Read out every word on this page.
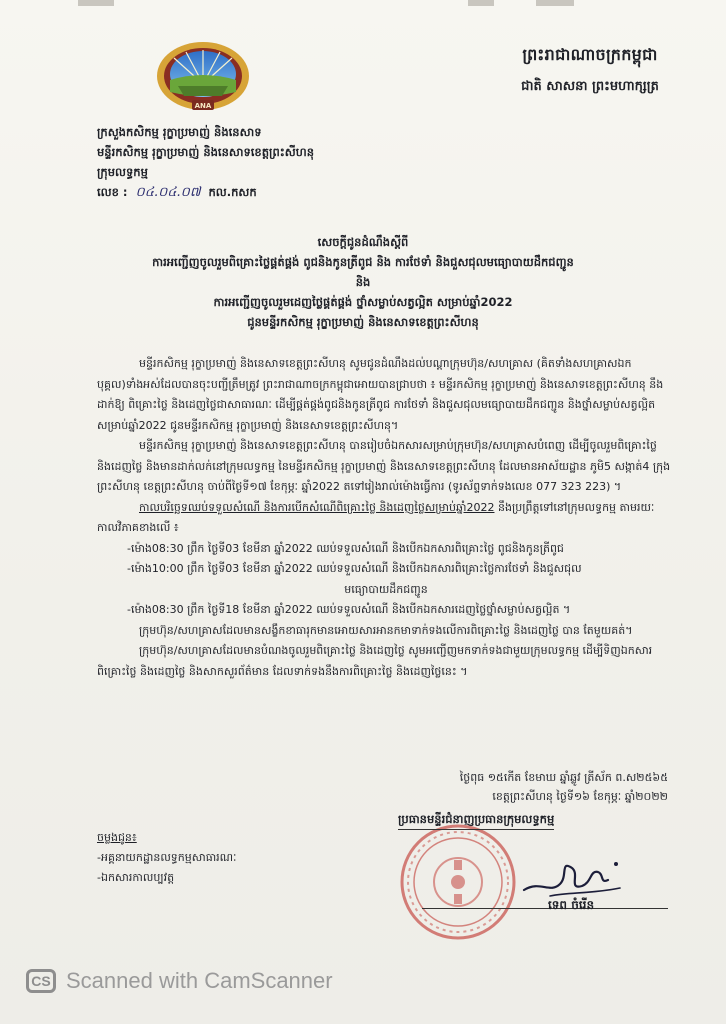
ANA
ព្រះរាជាណាចក្រកម្ពុជា
ជាតិ សាសនា ព្រះមហាក្សត្រ
ក្រសួងកសិកម្ម រុក្ខាប្រមាញ់ និងនេសាទ
មន្ទីរកសិកម្ម រុក្ខាប្រមាញ់ និងនេសាទខេត្តព្រះសីហនុ
ក្រុមលទ្ធកម្ម
លេខ : ០៤.០៤.០៧ កល.កសក
សេចក្តីជូនដំណឹងស្តីពី
ការអញ្ជើញចូលរួមពិគ្រោះថ្លៃផ្គត់ផ្គង់ ពូជនិងកូនត្រីពូជ និង ការថែទាំ និងជួសជុលមធ្យោបាយដឹកជញ្ជូន
និង
ការអញ្ជើញចូលរួមដេញថ្លៃផ្គត់ផ្គង់ ថ្នាំសម្លាប់សត្វល្អិត សម្រាប់ឆ្នាំ2022
ជូនមន្ទីរកសិកម្ម រុក្ខាប្រមាញ់ និងនេសាទខេត្តព្រះសីហនុ

មន្ទីរកសិកម្ម រុក្ខាប្រមាញ់ និងនេសាទខេត្តព្រះសីហនុ សូមជូនដំណឹងដល់បណ្តាក្រុមហ៊ុន/សហគ្រាស (គិតទាំងសហគ្រាសឯកបុគ្គល)ទាំងអស់ដែលបានចុះបញ្ជីត្រឹមត្រូវ ព្រះរាជាណាចក្រកម្ពុជាអោយបានជ្រាបថា ៖ មន្ទីរកសិកម្ម រុក្ខាប្រមាញ់ និងនេសាទខេត្តព្រះសីហនុ នឹងដាក់ឱ្យ ពិគ្រោះថ្លៃ និងដេញថ្លៃជាសាធារណៈ ដើម្បីផ្គត់ផ្គង់ពូជនិងកូនត្រីពូជ ការថែទាំ និងជួសជុលមធ្យោបាយដឹកជញ្ជូន និងថ្នាំសម្លាប់សត្វល្អិត សម្រាប់ឆ្នាំ2022 ជូនមន្ទីរកសិកម្ម រុក្ខាប្រមាញ់ និងនេសាទខេត្តព្រះសីហនុ។

មន្ទីរកសិកម្ម រុក្ខាប្រមាញ់ និងនេសាទខេត្តព្រះសីហនុ បានរៀបចំឯកសារសម្រាប់ក្រុមហ៊ុន/សហគ្រាសបំពេញ ដើម្បីចូលរួមពិគ្រោះថ្លៃ និងដេញថ្លៃ និងមានដាក់លក់នៅក្រុមលទ្ធកម្ម នៃមន្ទីរកសិកម្ម រុក្ខាប្រមាញ់ និងនេសាទខេត្តព្រះសីហនុ ដែលមានអាស័យដ្ឋាន ភូមិ5 សង្កាត់4 ក្រុងព្រះសីហនុ ខេត្តព្រះសីហនុ ចាប់ពីថ្ងៃទី១៧ ខែកុម្ភៈ ឆ្នាំ2022 តទៅរៀងរាល់ម៉ោងធ្វើការ (ទូរស័ព្ទទាក់ទងលេខ 077 323 223) ។

កាលបរិច្ឆេទឈប់ទទួលសំណើ និងការបើកសំណើពិគ្រោះថ្លៃ និងដេញថ្លៃសម្រាប់ឆ្នាំ2022 នឹងប្រព្រឹត្តទៅនៅក្រុមលទ្ធកម្ម តាមរយៈកាលវិភាគខាងលើ ៖

-ម៉ោង08:30 ព្រឹក ថ្ងៃទី03 ខែមីនា ឆ្នាំ2022 ឈប់ទទួលសំណើ និងបើកឯកសារពិគ្រោះថ្លៃ ពូជនិងកូនត្រីពូជ

-ម៉ោង10:00 ព្រឹក ថ្ងៃទី03 ខែមីនា ឆ្នាំ2022 ឈប់ទទួលសំណើ និងបើកឯកសារពិគ្រោះថ្លៃការថែទាំ និងជួសជុល

មធ្យោបាយដឹកជញ្ជូន

-ម៉ោង08:30 ព្រឹក ថ្ងៃទី18 ខែមីនា ឆ្នាំ2022 ឈប់ទទួលសំណើ និងបើកឯកសារដេញថ្លៃថ្នាំសម្លាប់សត្វល្អិត ។

ក្រុមហ៊ុន/សហគ្រាសដែលមានសង្ខឹកខាធារុកមានអោយសារអានកមាទាក់ទងលើការពិគ្រោះថ្លៃ និងដេញថ្លៃ បាន តែមួយគត់។

ក្រុមហ៊ុន/សហគ្រាសដែលមានបំណងចូលរួមពិគ្រោះថ្លៃ និងដេញថ្លៃ សូមអញ្ជើញមកទាក់ទងជាមួយក្រុមលទ្ធកម្ម ដើម្បីទិញឯកសារពិគ្រោះថ្លៃ និងដេញថ្លៃ និងសាកសួរព័ត៌មាន ដែលទាក់ទងនឹងការពិគ្រោះថ្លៃ និងដេញថ្លៃនេះ ។

ថ្ងៃពុធ ១៥កើត ខែមាឃ ឆ្នាំឆ្លូវ ត្រីស័ក ព.ស២៥៦៥
ខេត្តព្រះសីហនុ ថ្ងៃទី១៦ ខែកុម្ភៈ ឆ្នាំ២០២២
ចម្លងជូន៖
-អគ្គនាយកដ្ឋានលទ្ធកម្មសាធារណៈ
-ឯកសារកាលប្បវត្ត
ប្រធានមន្ទីរជំនាញប្រធានក្រុមលទ្ធកម្ម
ទេព ចំរើន
CS Scanned with CamScanner
